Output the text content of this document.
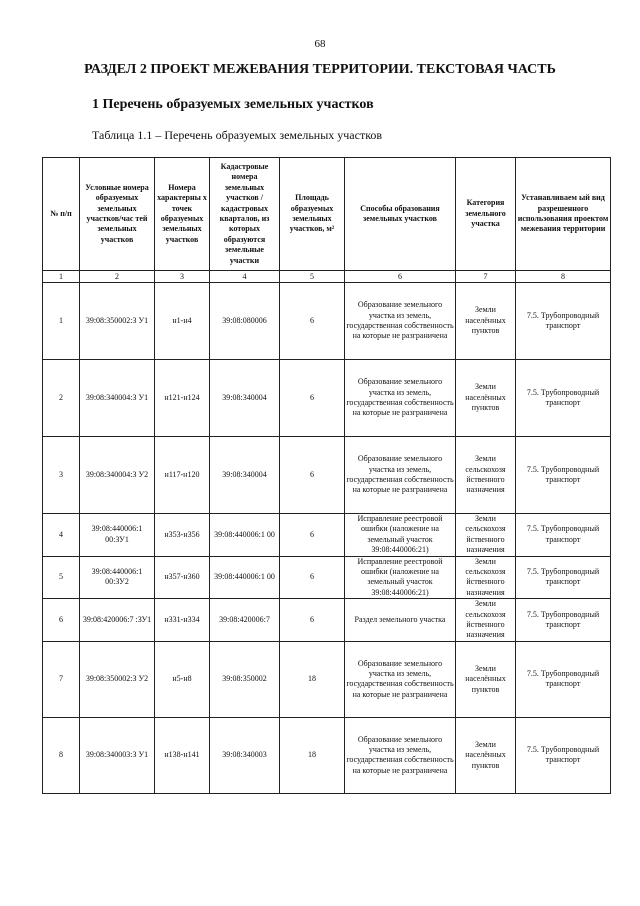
68
РАЗДЕЛ 2 ПРОЕКТ МЕЖЕВАНИЯ ТЕРРИТОРИИ. ТЕКСТОВАЯ ЧАСТЬ
1 Перечень образуемых земельных участков
Таблица 1.1 – Перечень образуемых земельных участков
№ п/п	Условные номера образуемых земельных участков/час тей земельных участков	Номера характерны х точек образуемых земельных участков	Кадастровые номера земельных участков / кадастровых кварталов, из которых образуются земельные участки	Площадь образуемых земельных участков, м²	Способы образования земельных участков	Категория земельного участка	Устанавливаем ый вид разрешенного использования проектом межевания территории
1	2	3	4	5	6	7	8
1	39:08:350002:З У1	н1-н4	39:08:080006	6	Образование земельного участка из земель, государственная собственность на которые не разграничена	Земли населённых пунктов	7.5. Трубопроводный транспорт
2	39:08:340004:З У1	н121-н124	39:08:340004	6	Образование земельного участка из земель, государственная собственность на которые не разграничена	Земли населённых пунктов	7.5. Трубопроводный транспорт
3	39:08:340004:З У2	н117-н120	39:08:340004	6	Образование земельного участка из земель, государственная собственность на которые не разграничена	Земли сельскохозя йственного назначения	7.5. Трубопроводный транспорт
4	39:08:440006:1 00:ЗУ1	н353-н356	39:08:440006:1 00	6	Исправление реестровой ошибки (наложение на земельный участок 39:08:440006:21)	Земли сельскохозя йственного назначения	7.5. Трубопроводный транспорт
5	39:08:440006:1 00:ЗУ2	н357-н360	39:08:440006:1 00	6	Исправление реестровой ошибки (наложение на земельный участок 39:08:440006:21)	Земли сельскохозя йственного назначения	7.5. Трубопроводный транспорт
6	39:08:420006:7 :ЗУ1	н331-н334	39:08:420006:7	6	Раздел земельного участка	Земли сельскохозя йственного назначения	7.5. Трубопроводный транспорт
7	39:08:350002:З У2	н5-н8	39:08:350002	18	Образование земельного участка из земель, государственная собственность на которые не разграничена	Земли населённых пунктов	7.5. Трубопроводный транспорт
8	39:08:340003:З У1	н138-н141	39:08:340003	18	Образование земельного участка из земель, государственная собственность на которые не разграничена	Земли населённых пунктов	7.5. Трубопроводный транспорт
